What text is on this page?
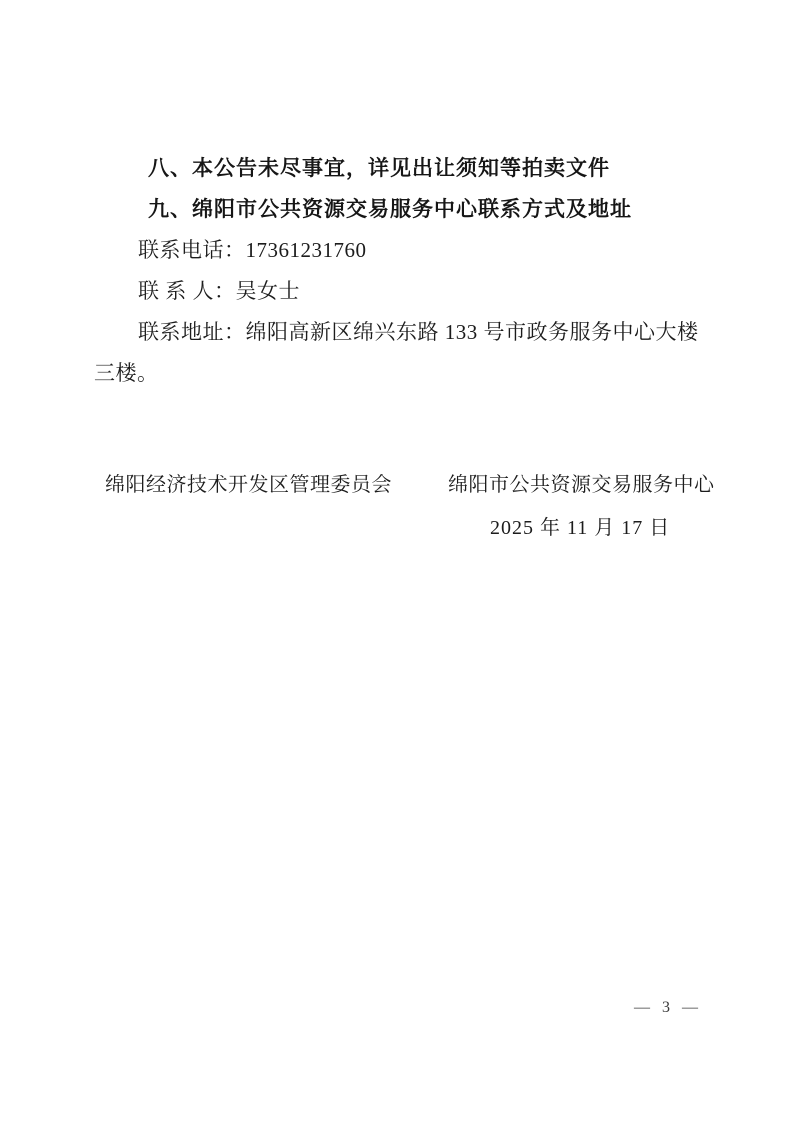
八、本公告未尽事宜，详见出让须知等拍卖文件

九、绵阳市公共资源交易服务中心联系方式及地址

联系电话：17361231760

联 系 人：吴女士

联系地址：绵阳高新区绵兴东路 133 号市政务服务中心大楼

三楼。

绵阳经济技术开发区管理委员会	绵阳市公共资源交易服务中心
2025 年 11 月 17 日
— 3 —
